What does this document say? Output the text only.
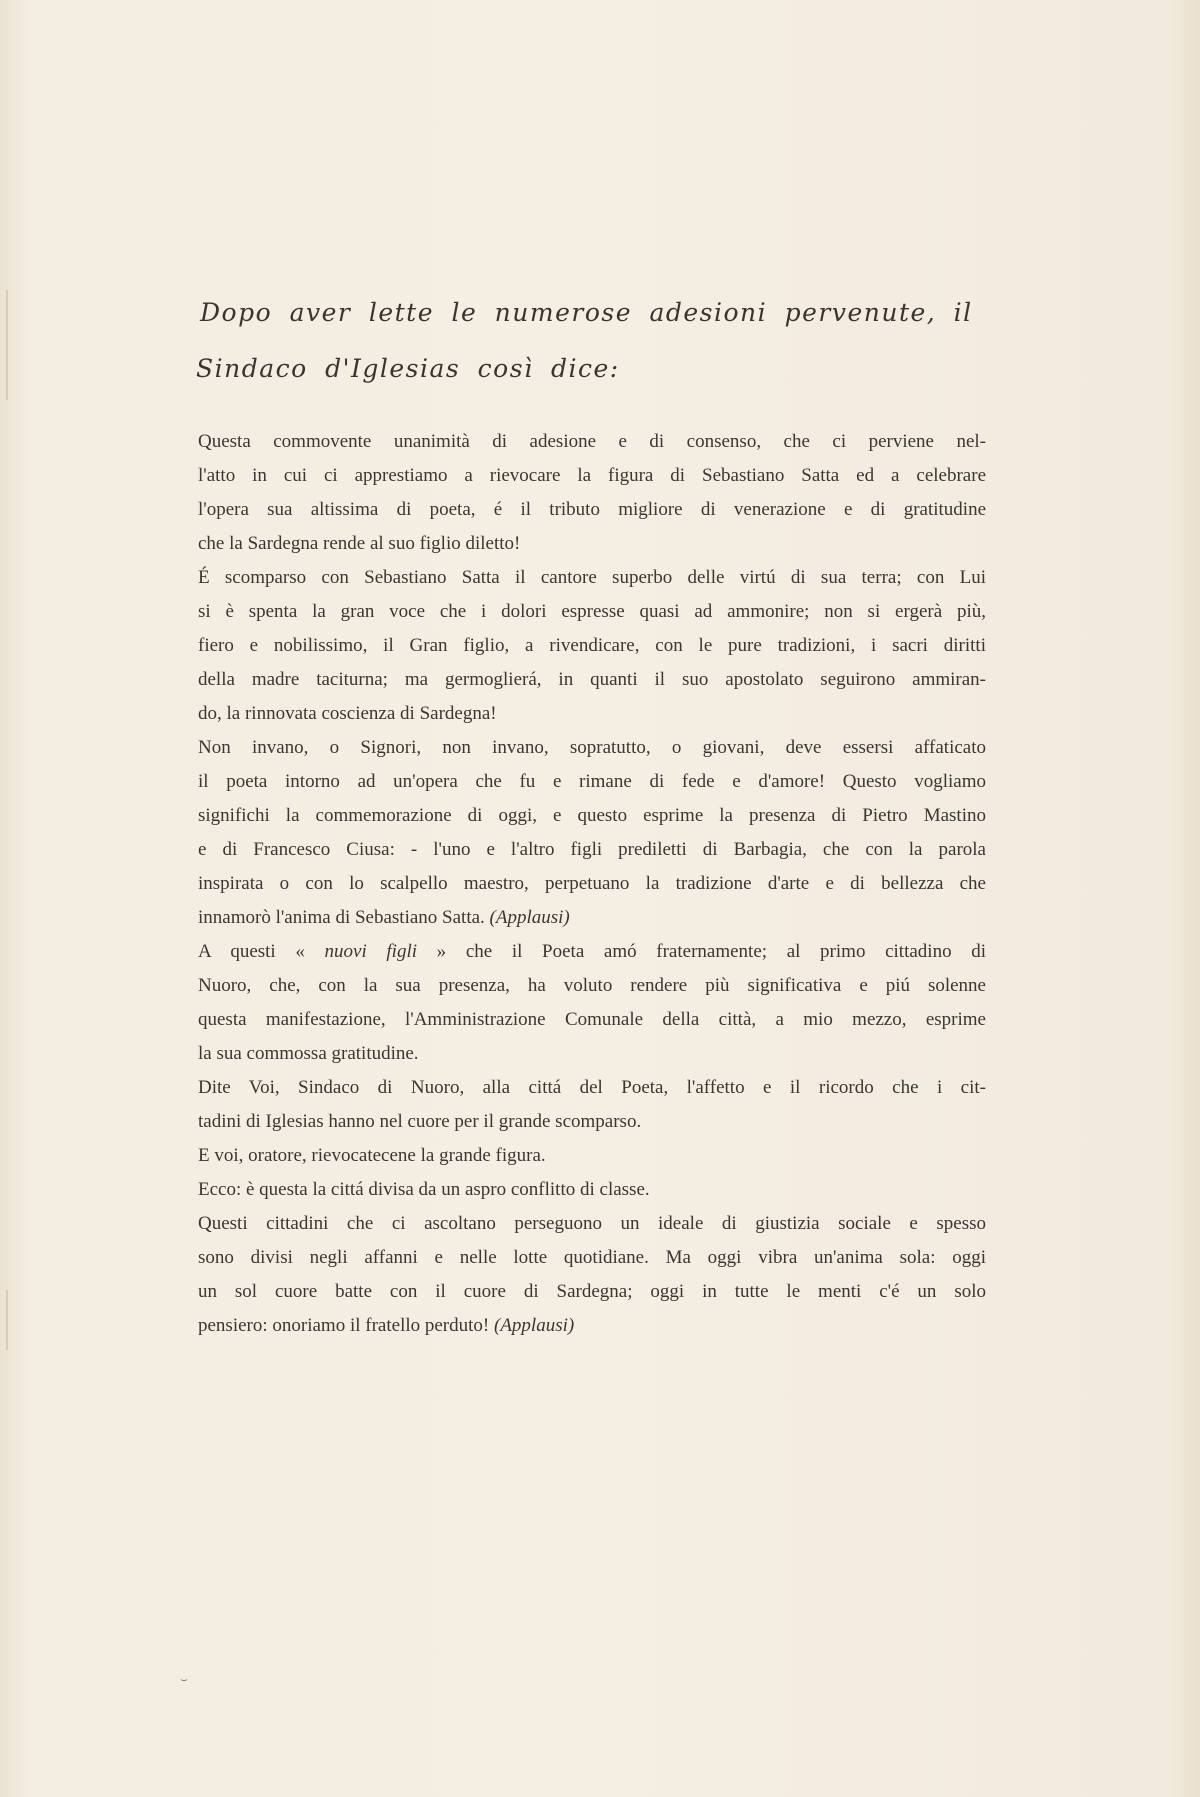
Dopo aver lette le numerose adesioni pervenute, il
Sindaco d'Iglesias così dice:
Questa commovente unanimità di adesione e di consenso, che ci perviene nel-
l'atto in cui ci apprestiamo a rievocare la figura di Sebastiano Satta ed a celebrare
l'opera sua altissima di poeta, é il tributo migliore di venerazione e di gratitudine
che la Sardegna rende al suo figlio diletto!
É scomparso con Sebastiano Satta il cantore superbo delle virtú di sua terra; con Lui
si è spenta la gran voce che i dolori espresse quasi ad ammonire; non si ergerà più,
fiero e nobilissimo, il Gran figlio, a rivendicare, con le pure tradizioni, i sacri diritti
della madre taciturna; ma germoglierá, in quanti il suo apostolato seguirono ammiran-
do, la rinnovata coscienza di Sardegna!
Non invano, o Signori, non invano, sopratutto, o giovani, deve essersi affaticato
il poeta intorno ad un'opera che fu e rimane di fede e d'amore! Questo vogliamo
significhi la commemorazione di oggi, e questo esprime la presenza di Pietro Mastino
e di Francesco Ciusa: - l'uno e l'altro figli prediletti di Barbagia, che con la parola
inspirata o con lo scalpello maestro, perpetuano la tradizione d'arte e di bellezza che
innamorò l'anima di Sebastiano Satta. (Applausi)
A questi « nuovi figli » che il Poeta amó fraternamente; al primo cittadino di
Nuoro, che, con la sua presenza, ha voluto rendere più significativa e piú solenne
questa manifestazione, l'Amministrazione Comunale della città, a mio mezzo, esprime
la sua commossa gratitudine.
Dite Voi, Sindaco di Nuoro, alla cittá del Poeta, l'affetto e il ricordo che i cit-
tadini di Iglesias hanno nel cuore per il grande scomparso.
E voi, oratore, rievocatecene la grande figura.
Ecco: è questa la cittá divisa da un aspro conflitto di classe.
Questi cittadini che ci ascoltano perseguono un ideale di giustizia sociale e spesso
sono divisi negli affanni e nelle lotte quotidiane. Ma oggi vibra un'anima sola: oggi
un sol cuore batte con il cuore di Sardegna; oggi in tutte le menti c'é un solo
pensiero: onoriamo il fratello perduto! (Applausi)
⌣
